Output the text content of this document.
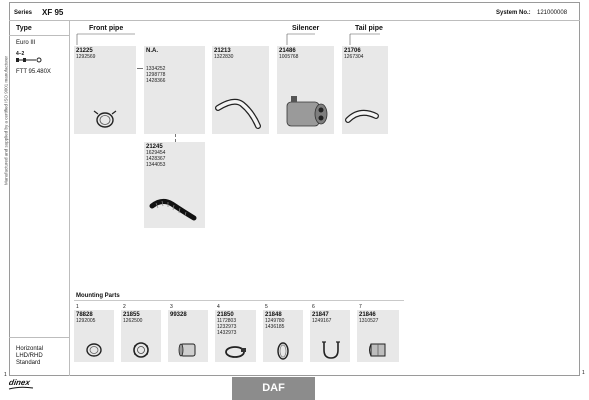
Series XF 95	System No.: 121000008
Type
Euro III
4–2
FTT 95.480X
Horizontal
LHD/RHD
Standard
Manufactured and supplied by a certified ISO 9001 manufacturer
Front pipe	Silencer	Tail pipe
21225
1292569
N.A.

1334252
1298778
1428366
21213
1322830
21486
1005768
21706
1267304
21245
1629454
1428367
1344053
Mounting Parts
1
78828
1292005
2
21855
1262500
3
99328
4
21850
1172803
1232973
1432973
5
21848
1249780
1436185
6
21847
1249167
7
21846
1310527
1	1
dinex	DAF
